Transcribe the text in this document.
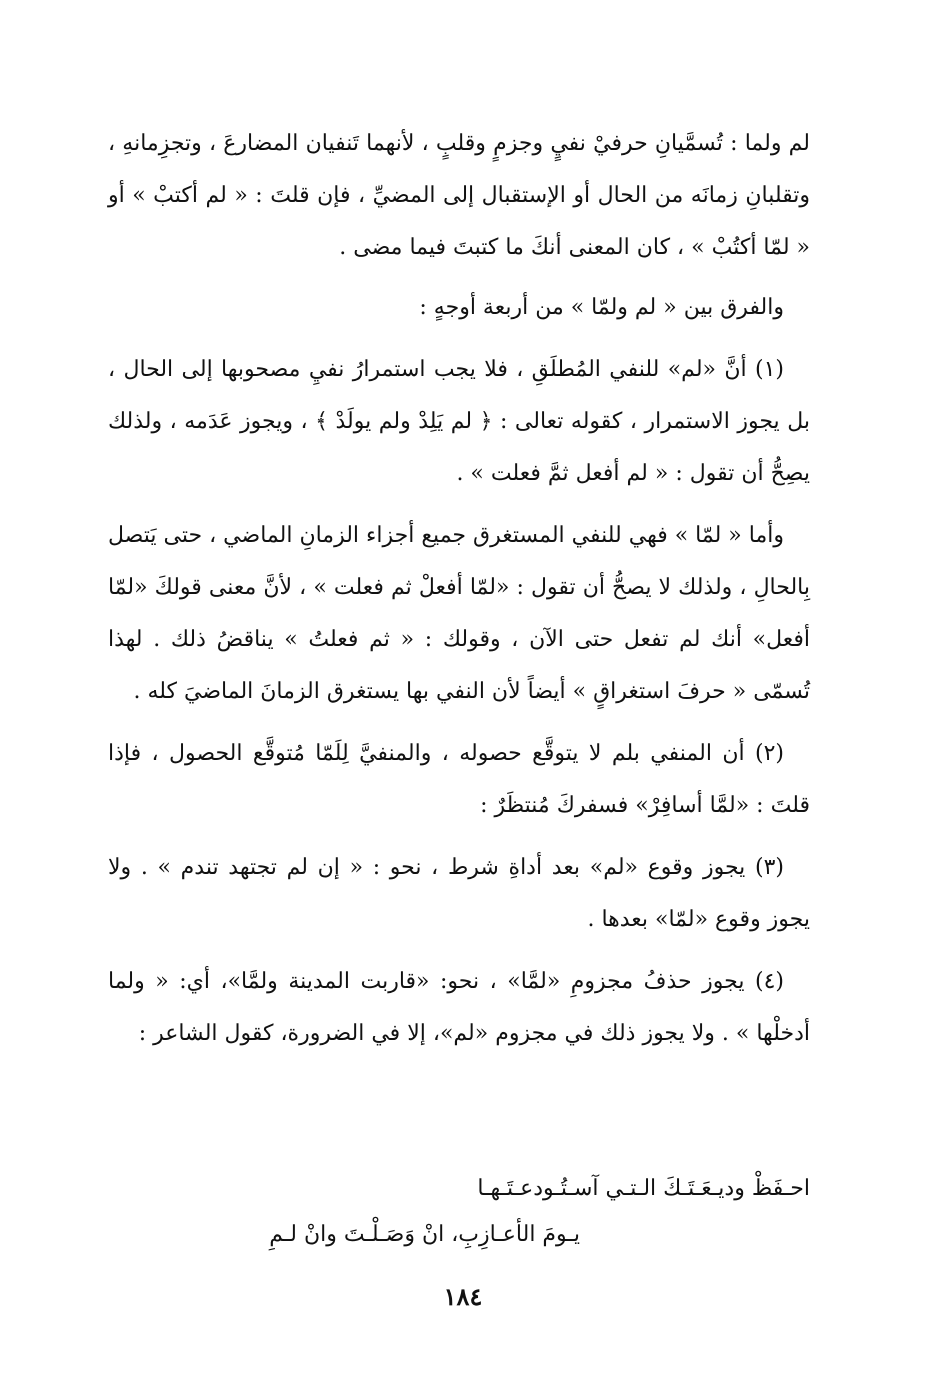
لم ولما : تُسمَّيانِ حرفيْ نفيٍ وجزمٍ وقلبٍ ، لأنهما تَنفيان المضارعَ ، وتجزِمانهِ ، وتقلبانِ زمانَه من الحال أو الإستقبال إلى المضيِّ ، فإن قلتَ : « لم أكتبْ » أو « لمّا أكتُبْ » ، كان المعنى أنكَ ما كتبتَ فيما مضى .

والفرق بين « لم ولمّا » من أربعة أوجهٍ :

(١) أنَّ «لم» للنفي المُطلَقِ ، فلا يجب استمرارُ نفيِ مصحوبها إلى الحال ، بل يجوز الاستمرار ، كقوله تعالى : ﴿ لم يَلِدْ ولم يولَدْ ﴾ ، ويجوز عَدَمه ، ولذلك يصِحُّ أن تقول : « لم أفعل ثمَّ فعلت » .

وأما « لمّا » فهي للنفي المستغرق جميع أجزاء الزمانِ الماضي ، حتى يَتصل بِالحالِ ، ولذلك لا يصحُّ أن تقول : «لمّا أفعلْ ثم فعلت » ، لأنَّ معنى قولكَ «لمّا أفعل» أنك لم تفعل حتى الآن ، وقولك : « ثم فعلتُ » يناقضُ ذلك . لهذا تُسمّى « حرفَ استغراقٍ » أيضاً لأن النفي بها يستغرق الزمانَ الماضيَ كله .

(٢) أن المنفي بلم لا يتوقَّع حصوله ، والمنفيَّ لِلَمّا مُتوقَّع الحصول ، فإذا قلتَ : «لمَّا أسافِرْ» فسفركَ مُنتظَرٌ :

(٣) يجوز وقوع «لم» بعد أداةِ شرط ، نحو : « إن لم تجتهد تندم » . ولا يجوز وقوع «لمّا» بعدها .

(٤) يجوز حذفُ مجزومِ «لمَّا» ، نحو: «قاربت المدينة ولمَّا»، أي: « ولما أدخلْها » . ولا يجوز ذلك في مجزوم «لم»، إلا في الضرورة، كقول الشاعر :

احـفَظْ وديـعَـتَـكَ الـتـي آسـتُـودعـتَـهـا
يـومَ الأعـازِبِ، انْ وَصَـلْـتَ وانْ لـمِ
١٨٤
